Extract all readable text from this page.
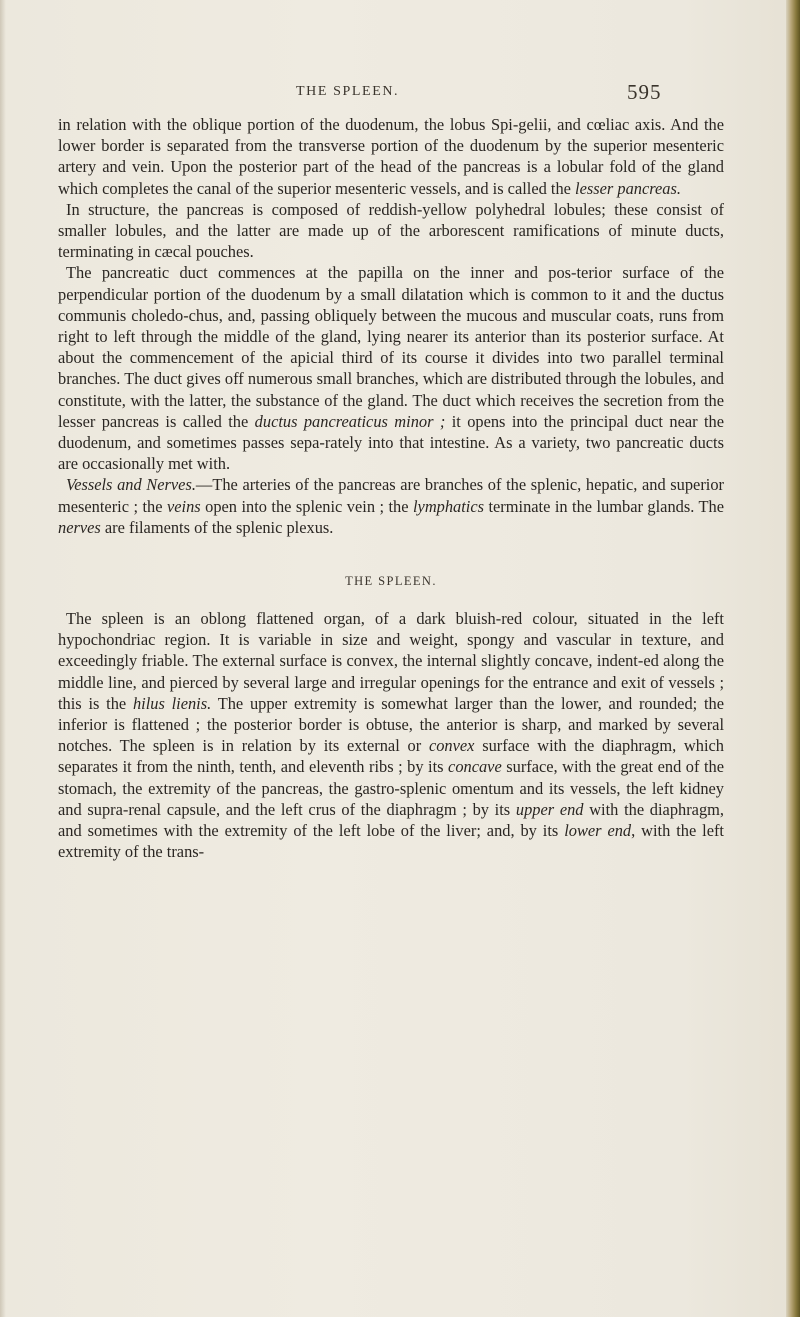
THE SPLEEN.	595

in relation with the oblique portion of the duodenum, the lobus Spi-gelii, and cœliac axis. And the lower border is separated from the transverse portion of the duodenum by the superior mesenteric artery and vein. Upon the posterior part of the head of the pancreas is a lobular fold of the gland which completes the canal of the superior mesenteric vessels, and is called the lesser pancreas.

In structure, the pancreas is composed of reddish-yellow polyhedral lobules; these consist of smaller lobules, and the latter are made up of the arborescent ramifications of minute ducts, terminating in cæcal pouches.

The pancreatic duct commences at the papilla on the inner and pos-terior surface of the perpendicular portion of the duodenum by a small dilatation which is common to it and the ductus communis choledo-chus, and, passing obliquely between the mucous and muscular coats, runs from right to left through the middle of the gland, lying nearer its anterior than its posterior surface. At about the commencement of the apicial third of its course it divides into two parallel terminal branches. The duct gives off numerous small branches, which are distributed through the lobules, and constitute, with the latter, the substance of the gland. The duct which receives the secretion from the lesser pancreas is called the ductus pancreaticus minor ; it opens into the principal duct near the duodenum, and sometimes passes sepa-rately into that intestine. As a variety, two pancreatic ducts are occasionally met with.

Vessels and Nerves.—The arteries of the pancreas are branches of the splenic, hepatic, and superior mesenteric ; the veins open into the splenic vein ; the lymphatics terminate in the lumbar glands. The nerves are filaments of the splenic plexus.

THE SPLEEN.

The spleen is an oblong flattened organ, of a dark bluish-red colour, situated in the left hypochondriac region. It is variable in size and weight, spongy and vascular in texture, and exceedingly friable. The external surface is convex, the internal slightly concave, indent-ed along the middle line, and pierced by several large and irregular openings for the entrance and exit of vessels ; this is the hilus lienis. The upper extremity is somewhat larger than the lower, and rounded; the inferior is flattened ; the posterior border is obtuse, the anterior is sharp, and marked by several notches. The spleen is in relation by its external or convex surface with the diaphragm, which separates it from the ninth, tenth, and eleventh ribs ; by its concave surface, with the great end of the stomach, the extremity of the pancreas, the gastro-splenic omentum and its vessels, the left kidney and supra-renal capsule, and the left crus of the diaphragm ; by its upper end with the diaphragm, and sometimes with the extremity of the left lobe of the liver; and, by its lower end, with the left extremity of the trans-
